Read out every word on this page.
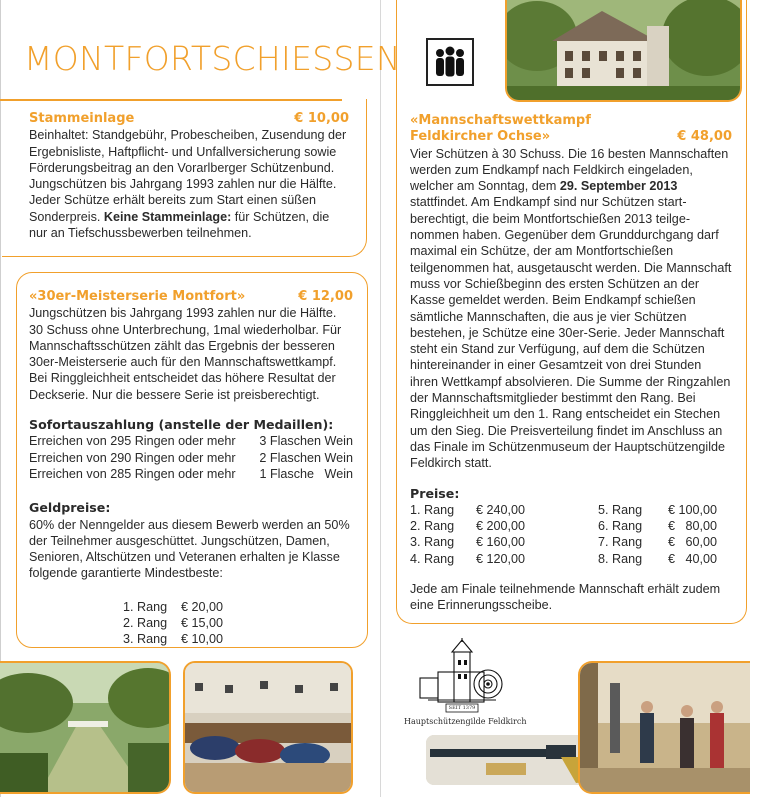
MONTFORTSCHIESSEN
Stammeinlage	€ 10,00
Beinhaltet: Standgebühr, Probescheiben, Zusendung der Ergebnisliste, Haftpflicht- und Unfallversicherung sowie Förderungsbeitrag an den Vorarlberger Schützenbund. Jungschützen bis Jahrgang 1993 zahlen nur die Hälfte. Jeder Schütze erhält bereits zum Start einen süßen Sonderpreis. Keine Stammeinlage: für Schützen, die nur an Tiefschussbewerben teilnehmen.
«30er-Meisterserie Montfort»	€ 12,00
Jungschützen bis Jahrgang 1993 zahlen nur die Hälfte. 30 Schuss ohne Unterbrechung, 1mal wiederholbar. Für Mannschaftsschützen zählt das Ergebnis der besseren 30er-Meisterserie auch für den Mannschaftswettkampf. Bei Ringgleichheit entscheidet das höhere Resultat der Deckserie. Nur die bessere Serie ist preisberechtigt.
Sofortauszahlung (anstelle der Medaillen):
Erreichen von 295 Ringen oder mehr 3 Flaschen Wein
Erreichen von 290 Ringen oder mehr 2 Flaschen Wein
Erreichen von 285 Ringen oder mehr 1 Flasche   Wein
Geldpreise:
60% der Nenngelder aus diesem Bewerb werden an 50% der Teilnehmer ausgeschüttet. Jungschützen, Damen, Senioren, Altschützen und Veteranen erhalten je Klasse folgende garantierte Mindestbeste:
1. Rang	€ 20,00
2. Rang	€ 15,00
3. Rang	€ 10,00
«Mannschaftswettkampf
Feldkircher Ochse»	€ 48,00
Vier Schützen à 30 Schuss. Die 16 besten Mannschaften werden zum Endkampf nach Feldkirch eingeladen, welcher am Sonntag, dem 29. September 2013 stattfindet. Am Endkampf sind nur Schützen startberechtigt, die beim Montfortschießen 2013 teilgenommen haben. Gegenüber dem Grunddurchgang darf maximal ein Schütze, der am Montfortschießen teilgenommen hat, ausgetauscht werden. Die Mannschaft muss vor Schießbeginn des ersten Schützen an der Kasse gemeldet werden. Beim Endkampf schießen sämtliche Mannschaften, die aus je vier Schützen bestehen, je Schütze eine 30er-Serie. Jeder Mannschaft steht ein Stand zur Verfügung, auf dem die Schützen hintereinander in einer Gesamtzeit von drei Stunden ihren Wettkampf absolvieren. Die Summe der Ringzahlen der Mannschaftsmitglieder bestimmt den Rang. Bei Ringgleichheit um den 1. Rang entscheidet ein Stechen um den Sieg. Die Preisverteilung findet im Anschluss an das Finale im Schützenmuseum der Hauptschützengilde Feldkirch statt.
Preise:
1. Rang	€ 240,00
2. Rang	€ 200,00
3. Rang	€ 160,00
4. Rang	€ 120,00
5. Rang	€ 100,00
6. Rang	€   80,00
7. Rang	€   60,00
8. Rang	€   40,00
Jede am Finale teilnehmende Mannschaft erhält zudem eine Erinnerungsscheibe.
SEIT 1379
Hauptschützengilde Feldkirch
